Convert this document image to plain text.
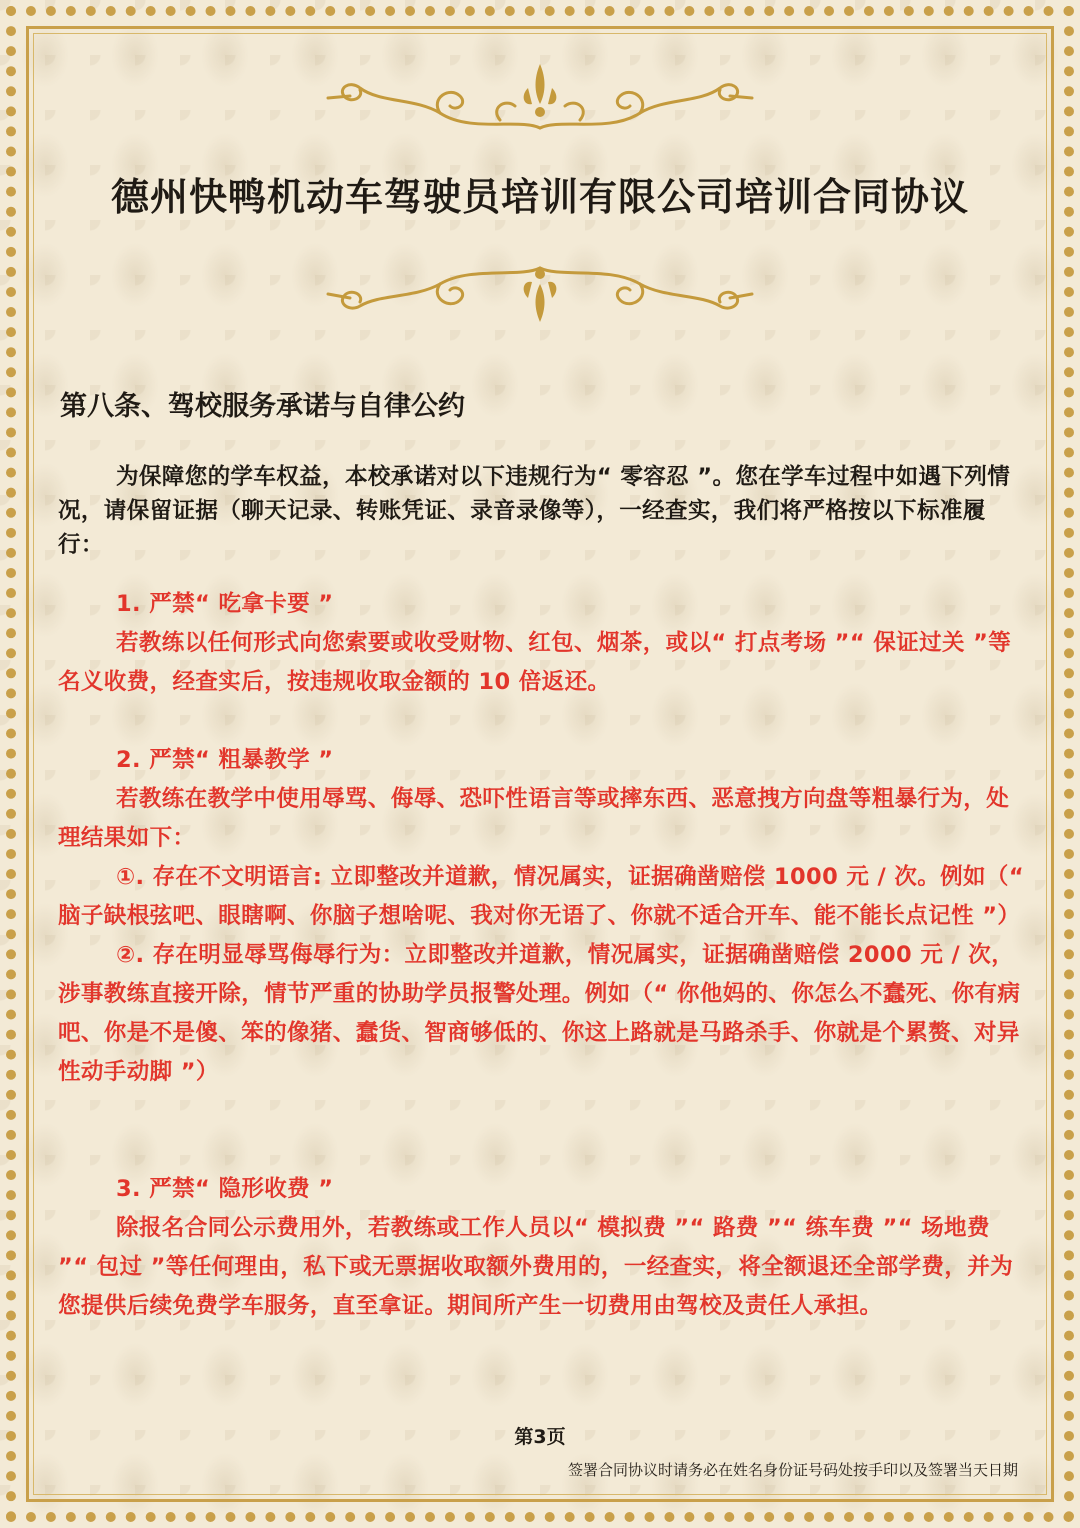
德州快鸭机动车驾驶员培训有限公司培训合同协议
第八条、驾校服务承诺与自律公约
为保障您的学车权益，本校承诺对以下违规行为“ 零容忍 ”。您在学车过程中如遇下列情况，请保留证据（聊天记录、转账凭证、录音录像等），一经查实，我们将严格按以下标准履行：
1. 严禁“ 吃拿卡要 ”
若教练以任何形式向您索要或收受财物、红包、烟茶，或以“ 打点考场 ”“ 保证过关 ”等名义收费，经查实后，按违规收取金额的 10 倍返还。
2. 严禁“ 粗暴教学 ”
若教练在教学中使用辱骂、侮辱、恐吓性语言等或摔东西、恶意拽方向盘等粗暴行为，处理结果如下：
①. 存在不文明语言: 立即整改并道歉，情况属实，证据确凿赔偿 1000 元 / 次。例如（“ 脑子缺根弦吧、眼瞎啊、你脑子想啥呢、我对你无语了、你就不适合开车、能不能长点记性 ”）
②. 存在明显辱骂侮辱行为：立即整改并道歉，情况属实，证据确凿赔偿 2000 元 / 次，涉事教练直接开除，情节严重的协助学员报警处理。例如（“ 你他妈的、你怎么不蠢死、你有病吧、你是不是傻、笨的像猪、蠢货、智商够低的、你这上路就是马路杀手、你就是个累赘、对异性动手动脚 ”）
3. 严禁“ 隐形收费 ”
除报名合同公示费用外，若教练或工作人员以“ 模拟费 ”“ 路费 ”“ 练车费 ”“ 场地费 ”“ 包过 ”等任何理由，私下或无票据收取额外费用的，一经查实，将全额退还全部学费，并为您提供后续免费学车服务，直至拿证。期间所产生一切费用由驾校及责任人承担。
第3页
签署合同协议时请务必在姓名身份证号码处按手印以及签署当天日期
